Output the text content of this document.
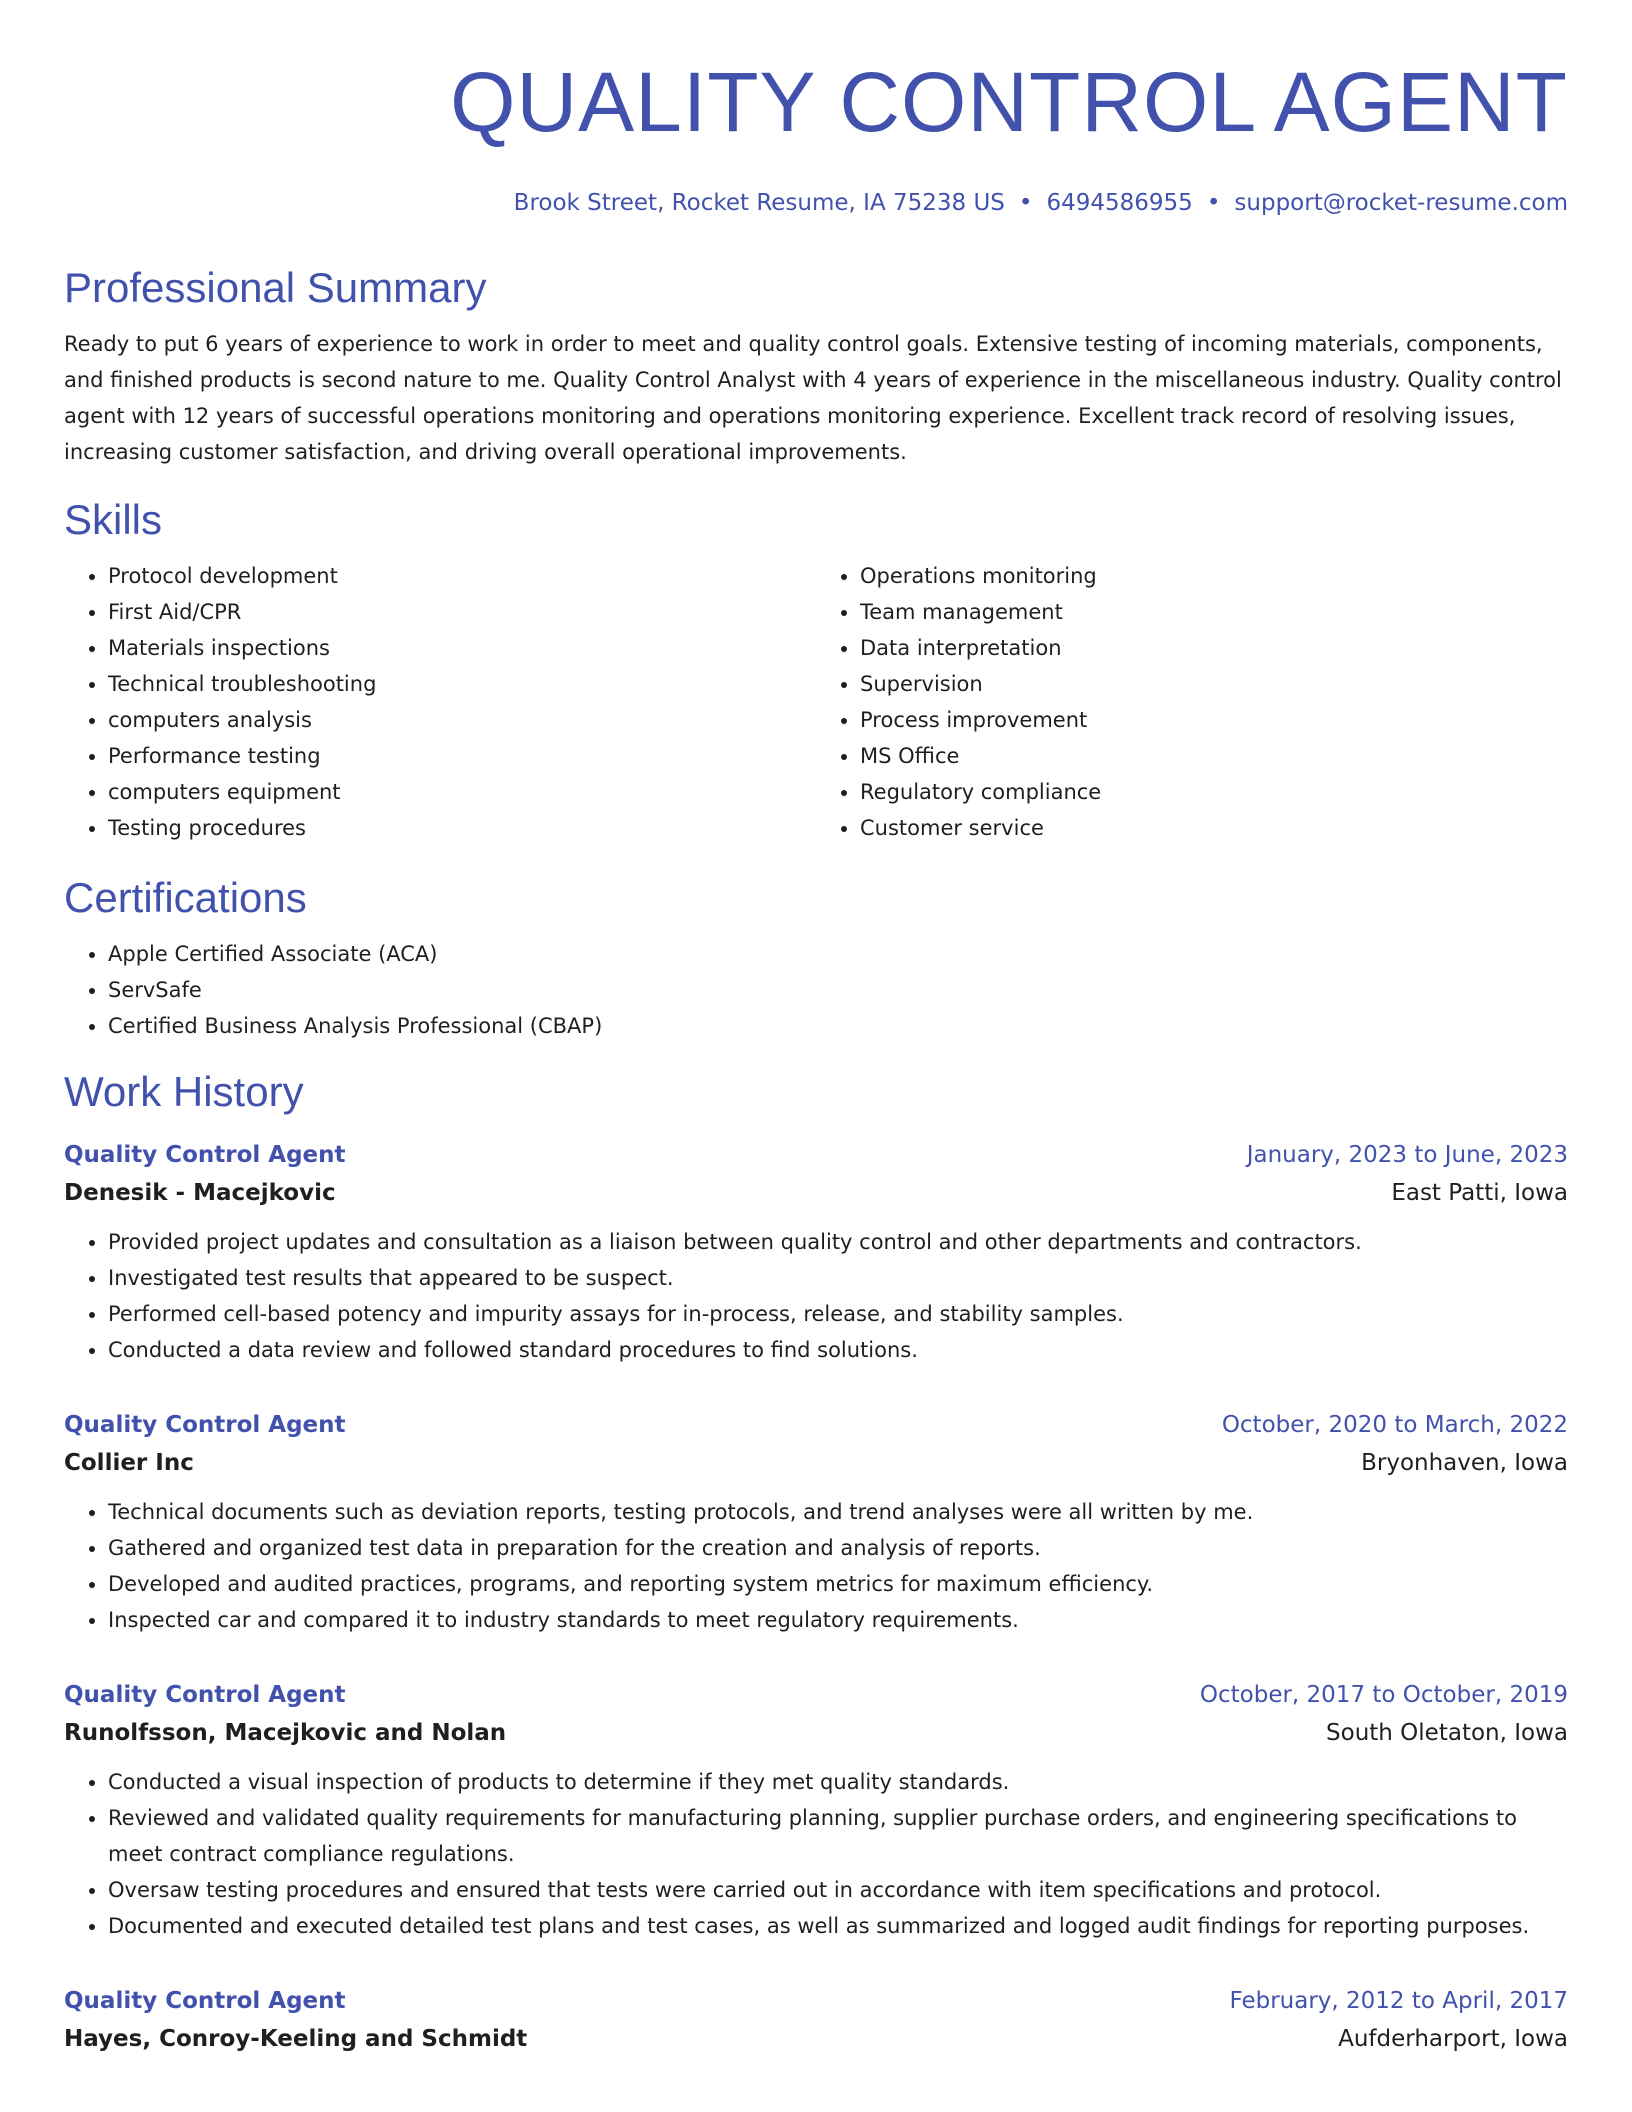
QUALITY CONTROL AGENT
Brook Street, Rocket Resume, IA 75238 US • 6494586955 • support@rocket-resume.com
Professional Summary
Ready to put 6 years of experience to work in order to meet and quality control goals. Extensive testing of incoming materials, components, and finished products is second nature to me. Quality Control Analyst with 4 years of experience in the miscellaneous industry. Quality control agent with 12 years of successful operations monitoring and operations monitoring experience. Excellent track record of resolving issues, increasing customer satisfaction, and driving overall operational improvements.
Skills
• Protocol development
• First Aid/CPR
• Materials inspections
• Technical troubleshooting
• computers analysis
• Performance testing
• computers equipment
• Testing procedures
• Operations monitoring
• Team management
• Data interpretation
• Supervision
• Process improvement
• MS Office
• Regulatory compliance
• Customer service
Certifications
• Apple Certified Associate (ACA)
• ServSafe
• Certified Business Analysis Professional (CBAP)
Work History
Quality Control Agent	January, 2023 to June, 2023
Denesik - Macejkovic	East Patti, Iowa
• Provided project updates and consultation as a liaison between quality control and other departments and contractors.
• Investigated test results that appeared to be suspect.
• Performed cell-based potency and impurity assays for in-process, release, and stability samples.
• Conducted a data review and followed standard procedures to find solutions.
Quality Control Agent	October, 2020 to March, 2022
Collier Inc	Bryonhaven, Iowa
• Technical documents such as deviation reports, testing protocols, and trend analyses were all written by me.
• Gathered and organized test data in preparation for the creation and analysis of reports.
• Developed and audited practices, programs, and reporting system metrics for maximum efficiency.
• Inspected car and compared it to industry standards to meet regulatory requirements.
Quality Control Agent	October, 2017 to October, 2019
Runolfsson, Macejkovic and Nolan	South Oletaton, Iowa
• Conducted a visual inspection of products to determine if they met quality standards.
• Reviewed and validated quality requirements for manufacturing planning, supplier purchase orders, and engineering specifications to meet contract compliance regulations.
• Oversaw testing procedures and ensured that tests were carried out in accordance with item specifications and protocol.
• Documented and executed detailed test plans and test cases, as well as summarized and logged audit findings for reporting purposes.
Quality Control Agent	February, 2012 to April, 2017
Hayes, Conroy-Keeling and Schmidt	Aufderharport, Iowa
